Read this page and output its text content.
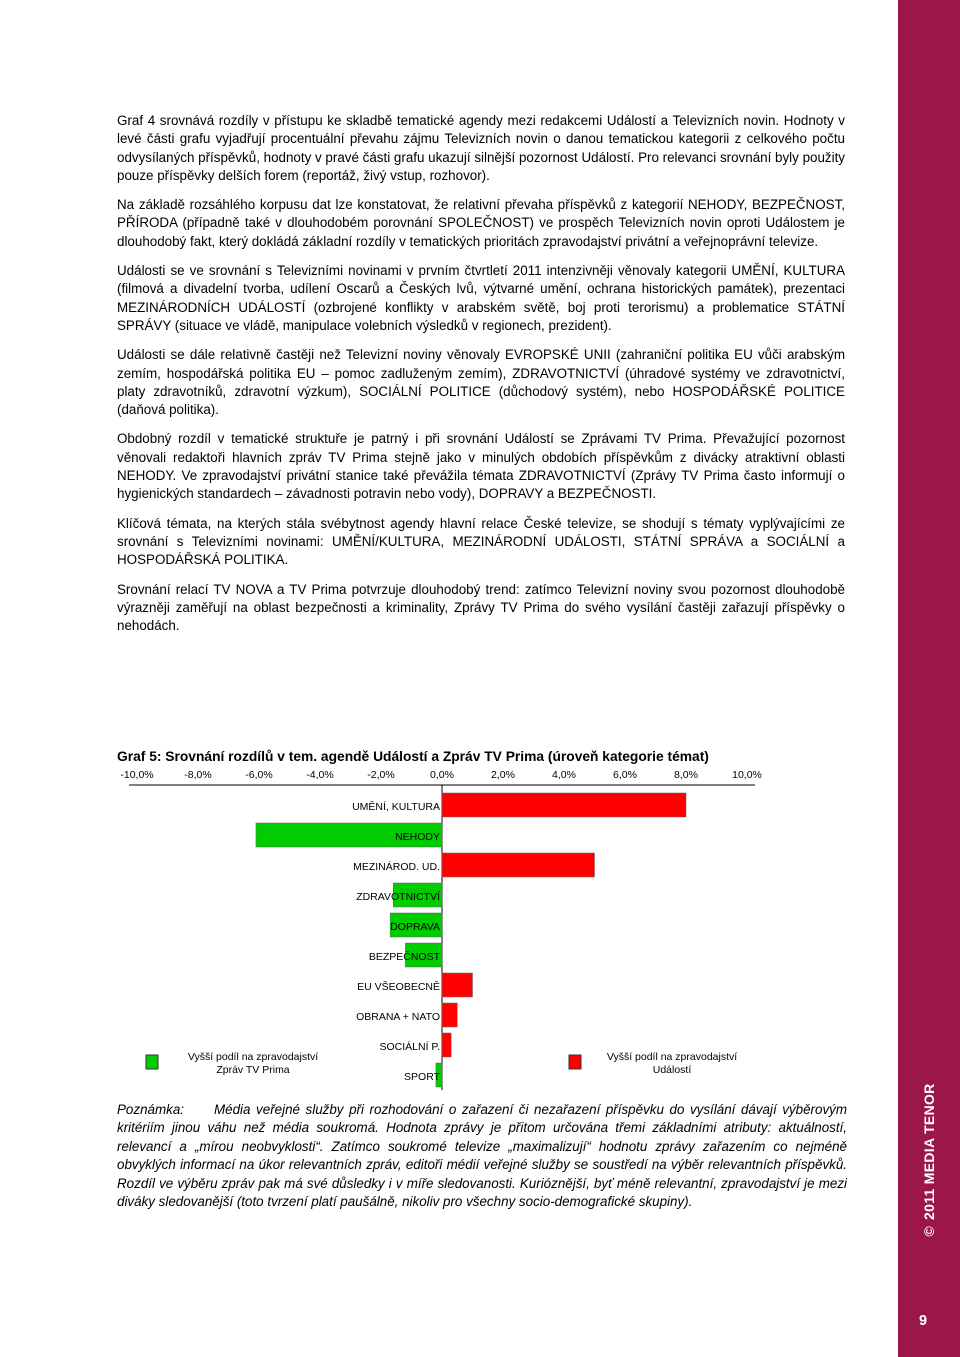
©2011 MEDIA TENOR

Graf 4 srovnává rozdíly v přístupu ke skladbě tematické agendy mezi redakcemi Událostí a Televizních novin. Hodnoty v levé části grafu vyjadřují procentuální převahu zájmu Televizních novin o danou tematickou kategorii z celkového počtu odvysílaných příspěvků, hodnoty v pravé části grafu ukazují silnější pozornost Událostí. Pro relevanci srovnání byly použity pouze příspěvky delších forem (reportáž, živý vstup, rozhovor).

Na základě rozsáhlého korpusu dat lze konstatovat, že relativní převaha příspěvků z kategorií NEHODY, BEZPEČNOST, PŘÍRODA (případně také v dlouhodobém porovnání SPOLEČNOST) ve prospěch Televizních novin oproti Událostem je dlouhodobý fakt, který dokládá základní rozdíly v tematických prioritách zpravodajství privátní a veřejnoprávní televize.

Události se ve srovnání s Televizními novinami v prvním čtvrtletí 2011 intenzivněji věnovaly kategorii UMĚNÍ, KULTURA (filmová a divadelní tvorba, udílení Oscarů a Českých lvů, výtvarné umění, ochrana historických památek), prezentaci MEZINÁRODNÍCH UDÁLOSTÍ (ozbrojené konflikty v arabském světě, boj proti terorismu) a problematice STÁTNÍ SPRÁVY (situace ve vládě, manipulace volebních výsledků v regionech, prezident).

Události se dále relativně častěji než Televizní noviny věnovaly EVROPSKÉ UNII (zahraniční politika EU vůči arabským zemím, hospodářská politika EU – pomoc zadluženým zemím), ZDRAVOTNICTVÍ (úhradové systémy ve zdravotnictví, platy zdravotníků, zdravotní výzkum), SOCIÁLNÍ POLITICE (důchodový systém), nebo HOSPODÁŘSKÉ POLITICE (daňová politika).

Obdobný rozdíl v tematické struktuře je patrný i při srovnání Událostí se Zprávami TV Prima. Převažující pozornost věnovali redaktoři hlavních zpráv TV Prima stejně jako v minulých obdobích příspěvkům z divácky atraktivní oblasti NEHODY. Ve zpravodajství privátní stanice také převážila témata ZDRAVOTNICTVÍ (Zprávy TV Prima často informují o hygienických standardech – závadnosti potravin nebo vody), DOPRAVY a BEZPEČNOSTI.

Klíčová témata, na kterých stála svébytnost agendy hlavní relace České televize, se shodují s tématy vyplývajícími ze srovnání s Televizními novinami: UMĚNÍ/KULTURA, MEZINÁRODNÍ UDÁLOSTI, STÁTNÍ SPRÁVA a SOCIÁLNÍ a HOSPODÁŘSKÁ POLITIKA.

Srovnání relací TV NOVA a TV Prima potvrzuje dlouhodobý trend: zatímco Televizní noviny svou pozornost dlouhodobě výrazněji zaměřují na oblast bezpečnosti a kriminality, Zprávy TV Prima do svého vysílání častěji zařazují příspěvky o nehodách.

Graf 5: Srovnání rozdílů v tem. agendě Událostí a Zpráv TV Prima (úroveň kategorie témat)
-10,0%	-8,0%	-6,0%	-4,0%	-2,0%	0,0%	2,0%	4,0%	6,0%	8,0%	10,0%
UMĚNÍ, KULTURA
NEHODY
MEZINÁROD. UD.
ZDRAVOTNICTVÍ
DOPRAVA
BEZPEČNOST
EU VŠEOBECNĚ
OBRANA + NATO
SOCIÁLNÍ P.
SPORT
Vyšší podíl na zpravodajství
Zpráv TV Prima
Vyšší podíl na zpravodajství
Událostí
Poznámka: Média veřejné služby při rozhodování o zařazení či nezařazení příspěvku do vysílání dávají výběrovým kritériím jinou váhu než média soukromá. Hodnota zprávy je přitom určována třemi základními atributy: aktuálností, relevancí a „mírou neobvyklosti“. Zatímco soukromé televize „maximalizují“ hodnotu zprávy zařazením co nejméně obvyklých informací na úkor relevantních zpráv, editoři médií veřejné služby se soustředí na výběr relevantních příspěvků. Rozdíl ve výběru zpráv pak má své důsledky i v míře sledovanosti. Kurióznější, byť méně relevantní, zpravodajství je mezi diváky sledovanější (toto tvrzení platí paušálně, nikoliv pro všechny socio-demografické skupiny).
Analýza zpravodajství českých televizí
posuzované období: 1. čtvrtletí 2011	9
